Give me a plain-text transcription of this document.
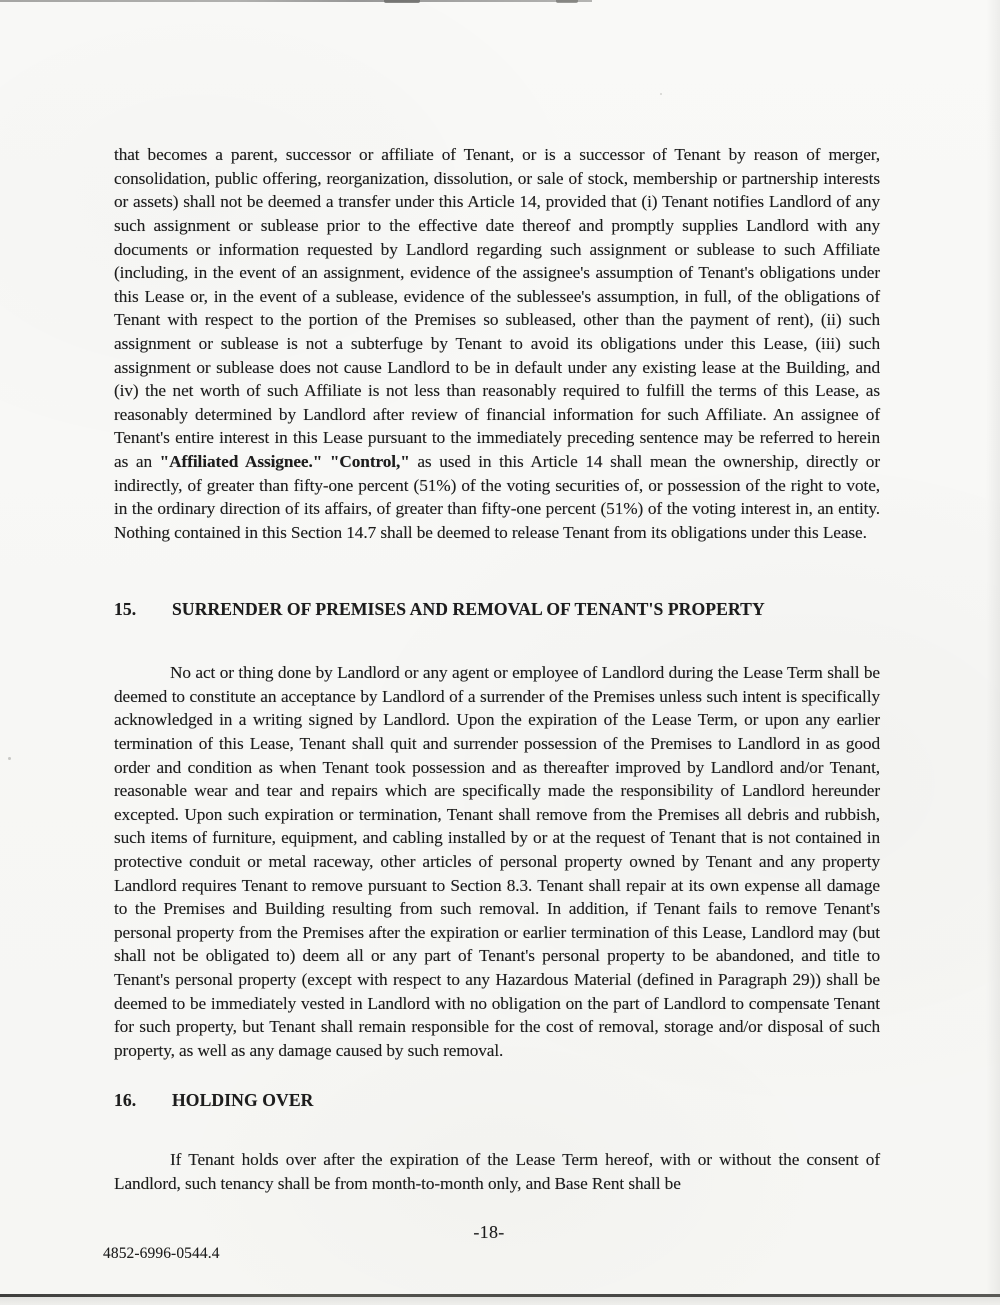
that becomes a parent, successor or affiliate of Tenant, or is a successor of Tenant by reason of merger, consolidation, public offering, reorganization, dissolution, or sale of stock, membership or partnership interests or assets) shall not be deemed a transfer under this Article 14, provided that (i) Tenant notifies Landlord of any such assignment or sublease prior to the effective date thereof and promptly supplies Landlord with any documents or information requested by Landlord regarding such assignment or sublease to such Affiliate (including, in the event of an assignment, evidence of the assignee's assumption of Tenant's obligations under this Lease or, in the event of a sublease, evidence of the sublessee's assumption, in full, of the obligations of Tenant with respect to the portion of the Premises so subleased, other than the payment of rent), (ii) such assignment or sublease is not a subterfuge by Tenant to avoid its obligations under this Lease, (iii) such assignment or sublease does not cause Landlord to be in default under any existing lease at the Building, and (iv) the net worth of such Affiliate is not less than reasonably required to fulfill the terms of this Lease, as reasonably determined by Landlord after review of financial information for such Affiliate. An assignee of Tenant's entire interest in this Lease pursuant to the immediately preceding sentence may be referred to herein as an "Affiliated Assignee." "Control," as used in this Article 14 shall mean the ownership, directly or indirectly, of greater than fifty-one percent (51%) of the voting securities of, or possession of the right to vote, in the ordinary direction of its affairs, of greater than fifty-one percent (51%) of the voting interest in, an entity. Nothing contained in this Section 14.7 shall be deemed to release Tenant from its obligations under this Lease.

15. SURRENDER OF PREMISES AND REMOVAL OF TENANT'S PROPERTY

No act or thing done by Landlord or any agent or employee of Landlord during the Lease Term shall be deemed to constitute an acceptance by Landlord of a surrender of the Premises unless such intent is specifically acknowledged in a writing signed by Landlord. Upon the expiration of the Lease Term, or upon any earlier termination of this Lease, Tenant shall quit and surrender possession of the Premises to Landlord in as good order and condition as when Tenant took possession and as thereafter improved by Landlord and/or Tenant, reasonable wear and tear and repairs which are specifically made the responsibility of Landlord hereunder excepted. Upon such expiration or termination, Tenant shall remove from the Premises all debris and rubbish, such items of furniture, equipment, and cabling installed by or at the request of Tenant that is not contained in protective conduit or metal raceway, other articles of personal property owned by Tenant and any property Landlord requires Tenant to remove pursuant to Section 8.3. Tenant shall repair at its own expense all damage to the Premises and Building resulting from such removal. In addition, if Tenant fails to remove Tenant's personal property from the Premises after the expiration or earlier termination of this Lease, Landlord may (but shall not be obligated to) deem all or any part of Tenant's personal property to be abandoned, and title to Tenant's personal property (except with respect to any Hazardous Material (defined in Paragraph 29)) shall be deemed to be immediately vested in Landlord with no obligation on the part of Landlord to compensate Tenant for such property, but Tenant shall remain responsible for the cost of removal, storage and/or disposal of such property, as well as any damage caused by such removal.

16. HOLDING OVER

If Tenant holds over after the expiration of the Lease Term hereof, with or without the consent of Landlord, such tenancy shall be from month-to-month only, and Base Rent shall be

-18-
4852-6996-0544.4
